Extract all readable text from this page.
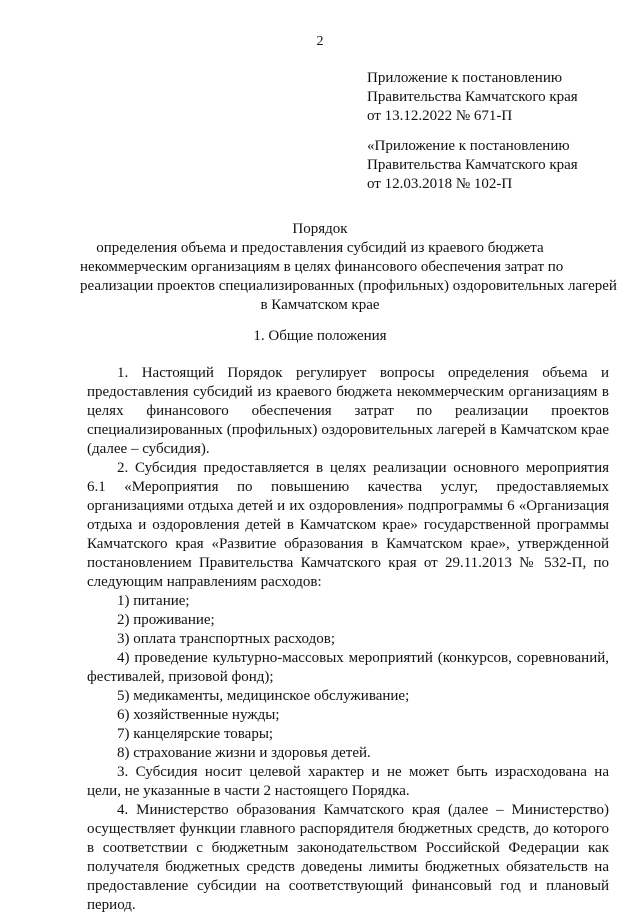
2
Приложение к постановлению
Правительства Камчатского края
от 13.12.2022 № 671-П
«Приложение к постановлению
Правительства Камчатского края
от 12.03.2018 № 102-П
Порядок
определения объема и предоставления субсидий из краевого бюджета
некоммерческим организациям в целях финансового обеспечения затрат по
реализации проектов специализированных (профильных) оздоровительных лагерей
в Камчатском крае
1. Общие положения

1. Настоящий Порядок регулирует вопросы определения объема и предоставления субсидий из краевого бюджета некоммерческим организациям в целях финансового обеспечения затрат по реализации проектов специализированных (профильных) оздоровительных лагерей в Камчатском крае (далее – субсидия).

2. Субсидия предоставляется в целях реализации основного мероприятия 6.1 «Мероприятия по повышению качества услуг, предоставляемых организациями отдыха детей и их оздоровления» подпрограммы 6 «Организация отдыха и оздоровления детей в Камчатском крае» государственной программы Камчатского края «Развитие образования в Камчатском крае», утвержденной постановлением Правительства Камчатского края от 29.11.2013 № 532-П, по следующим направлениям расходов:

1) питание;

2) проживание;

3) оплата транспортных расходов;

4) проведение культурно-массовых мероприятий (конкурсов, соревнований, фестивалей, призовой фонд);

5) медикаменты, медицинское обслуживание;

6) хозяйственные нужды;

7) канцелярские товары;

8) страхование жизни и здоровья детей.

3. Субсидия носит целевой характер и не может быть израсходована на цели, не указанные в части 2 настоящего Порядка.

4. Министерство образования Камчатского края (далее – Министерство) осуществляет функции главного распорядителя бюджетных средств, до которого в соответствии с бюджетным законодательством Российской Федерации как получателя бюджетных средств доведены лимиты бюджетных обязательств на предоставление субсидии на соответствующий финансовый год и плановый период.
